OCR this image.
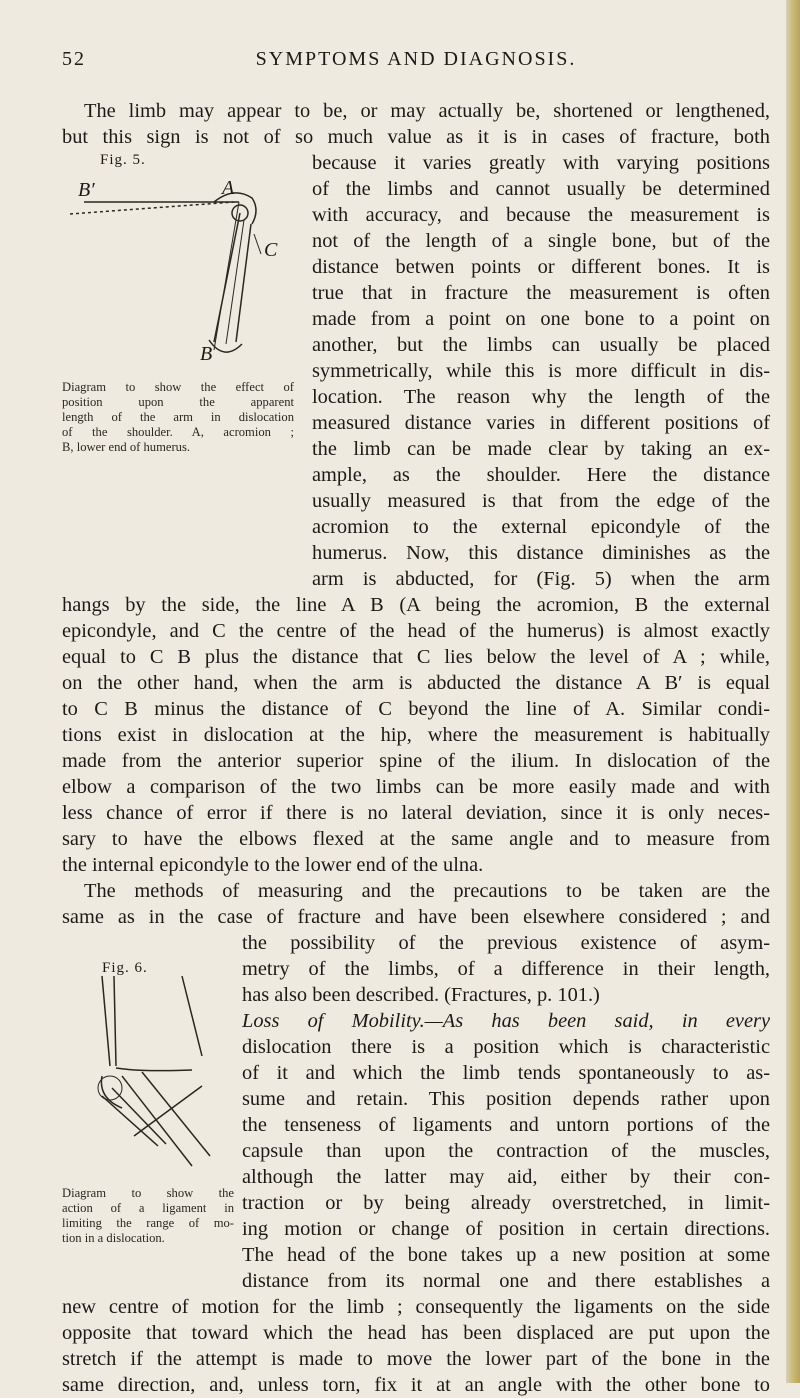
52	SYMPTOMS AND DIAGNOSIS.
The limb may appear to be, or may actually be, shortened or lengthened,
but this sign is not of so much value as it is in cases of fracture, both
Fig. 5.
B′	A
C
B
Diagram to show the effect of
position upon the apparent
length of the arm in dislocation
of the shoulder. A, acromion ;
B, lower end of humerus.
because it varies greatly with varying positions
of the limbs and cannot usually be determined
with accuracy, and because the measurement is
not of the length of a single bone, but of the
distance betwen points or different bones. It is
true that in fracture the measurement is often
made from a point on one bone to a point on
another, but the limbs can usually be placed
symmetrically, while this is more difficult in dis-
location. The reason why the length of the
measured distance varies in different positions of
the limb can be made clear by taking an ex-
ample, as the shoulder. Here the distance
usually measured is that from the edge of the
acromion to the external epicondyle of the
humerus. Now, this distance diminishes as the
arm is abducted, for (Fig. 5) when the arm
hangs by the side, the line A B (A being the acromion, B the external
epicondyle, and C the centre of the head of the humerus) is almost exactly
equal to C B plus the distance that C lies below the level of A ; while,
on the other hand, when the arm is abducted the distance A B′ is equal
to C B minus the distance of C beyond the line of A. Similar condi-
tions exist in dislocation at the hip, where the measurement is habitually
made from the anterior superior spine of the ilium. In dislocation of the
elbow a comparison of the two limbs can be more easily made and with
less chance of error if there is no lateral deviation, since it is only neces-
sary to have the elbows flexed at the same angle and to measure from
the internal epicondyle to the lower end of the ulna.
The methods of measuring and the precautions to be taken are the
same as in the case of fracture and have been elsewhere considered ; and
Fig. 6.
Diagram to show the
action of a ligament in
limiting the range of mo-
tion in a dislocation.
the possibility of the previous existence of asym-
metry of the limbs, of a difference in their length,
has also been described. (Fractures, p. 101.)
Loss of Mobility.—As has been said, in every
dislocation there is a position which is characteristic
of it and which the limb tends spontaneously to as-
sume and retain. This position depends rather upon
the tenseness of ligaments and untorn portions of the
capsule than upon the contraction of the muscles,
although the latter may aid, either by their con-
traction or by being already overstretched, in limit-
ing motion or change of position in certain directions.
The head of the bone takes up a new position at some
distance from its normal one and there establishes a
new centre of motion for the limb ; consequently the ligaments on the side
opposite that toward which the head has been displaced are put upon the
stretch if the attempt is made to move the lower part of the bone in the
same direction, and, unless torn, fix it at an angle with the other bone to
